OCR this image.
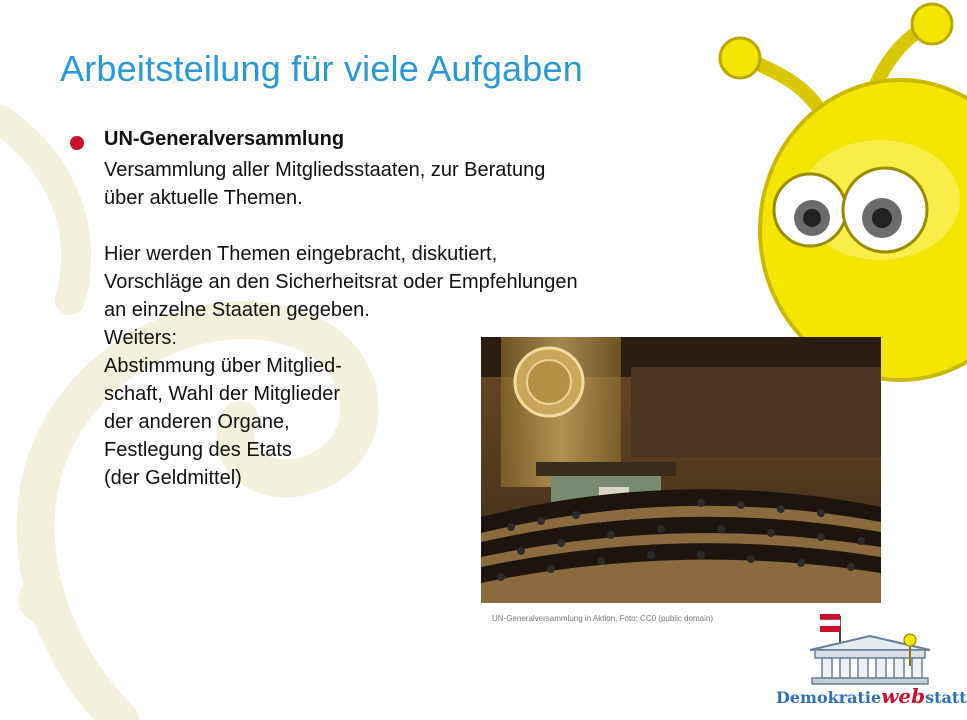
Arbeitsteilung für viele Aufgaben
UN-Generalversammlung
Versammlung aller Mitgliedsstaaten, zur Beratung über aktuelle Themen.
Hier werden Themen eingebracht, diskutiert,
Vorschläge an den Sicherheitsrat oder Empfehlungen
an einzelne Staaten gegeben.
Weiters:
Abstimmung über Mitglied-
schaft, Wahl der Mitglieder
der anderen Organe,
Festlegung des Etats
(der Geldmittel)
UN-Generalversammlung in Aktion, Foto: CC0 (public domain)
Demokratiewebstatt
